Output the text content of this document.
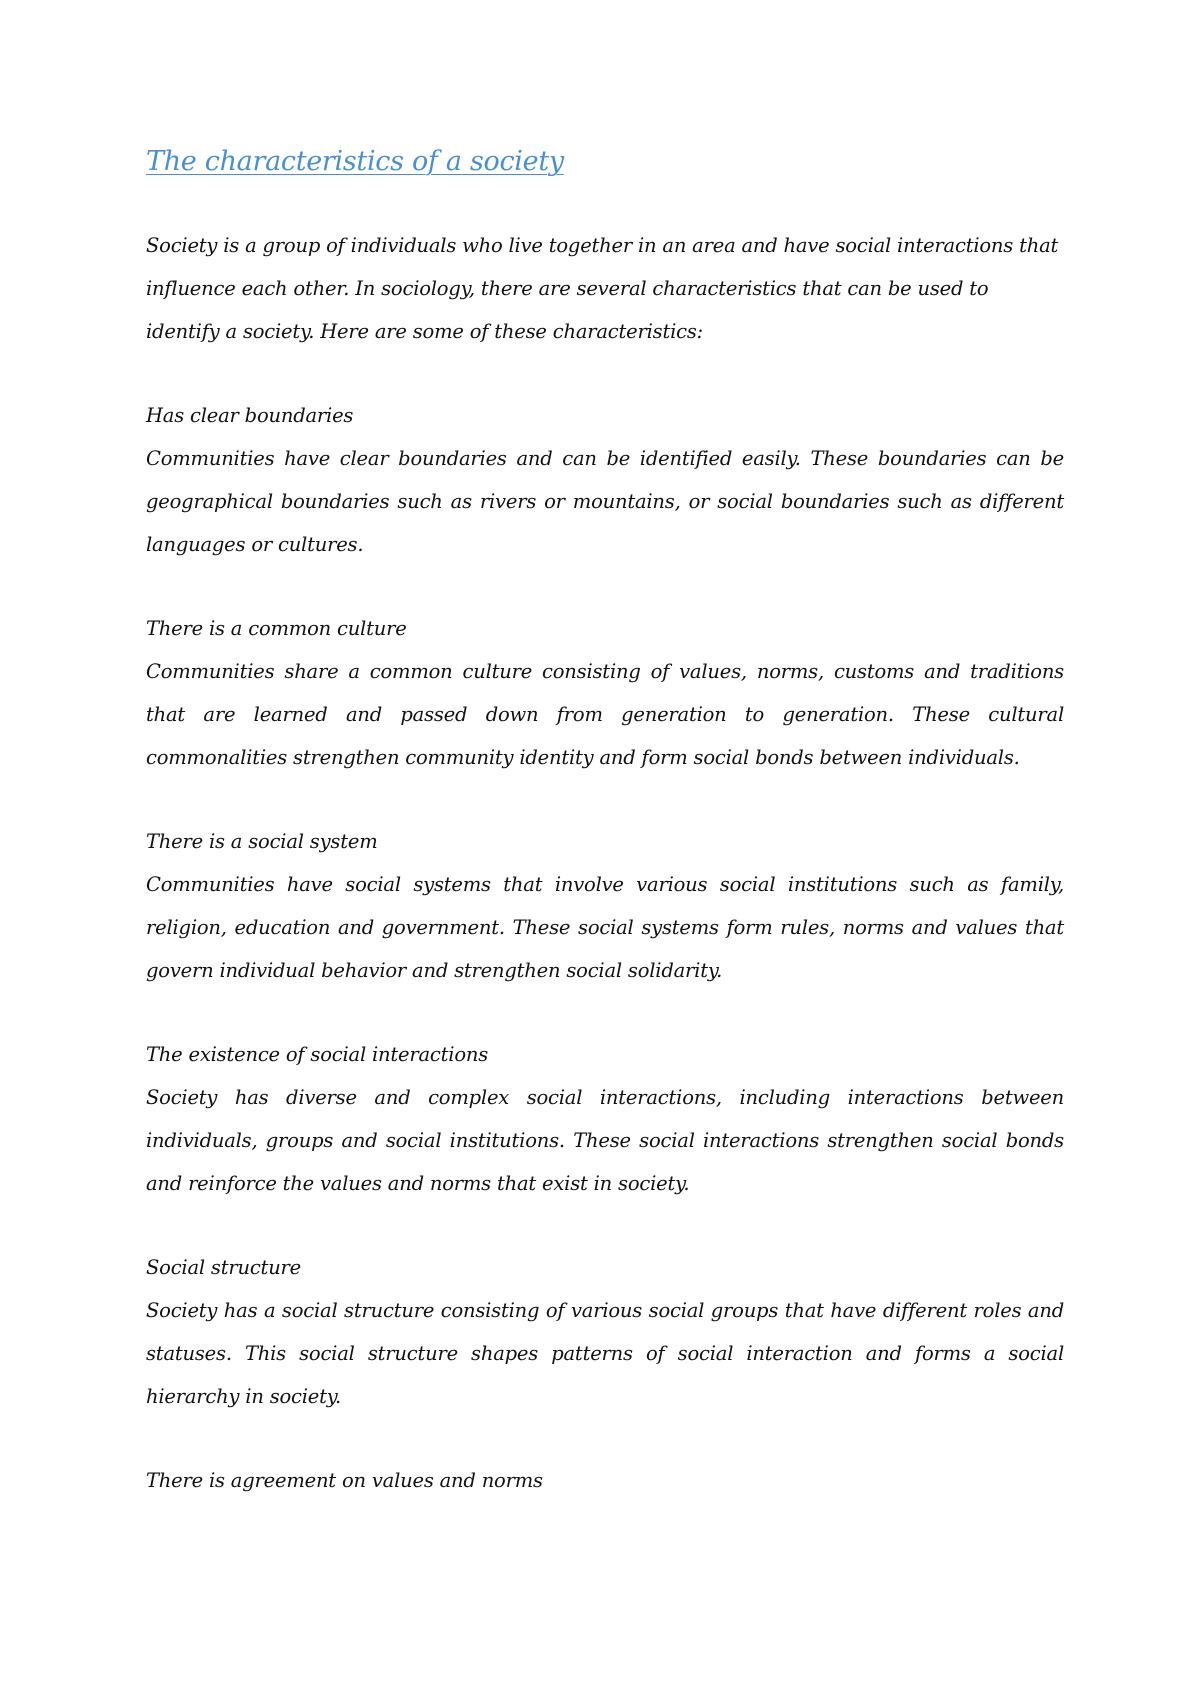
The characteristics of a society

Society is a group of individuals who live together in an area and have social interactions that influence each other. In sociology, there are several characteristics that can be used to identify a society. Here are some of these characteristics:

Has clear boundaries

Communities have clear boundaries and can be identified easily. These boundaries can be geographical boundaries such as rivers or mountains, or social boundaries such as different languages or cultures.

There is a common culture

Communities share a common culture consisting of values, norms, customs and traditions that are learned and passed down from generation to generation. These cultural commonalities strengthen community identity and form social bonds between individuals.

There is a social system

Communities have social systems that involve various social institutions such as family, religion, education and government. These social systems form rules, norms and values that govern individual behavior and strengthen social solidarity.

The existence of social interactions

Society has diverse and complex social interactions, including interactions between individuals, groups and social institutions. These social interactions strengthen social bonds and reinforce the values and norms that exist in society.

Social structure

Society has a social structure consisting of various social groups that have different roles and statuses. This social structure shapes patterns of social interaction and forms a social hierarchy in society.

There is agreement on values and norms
